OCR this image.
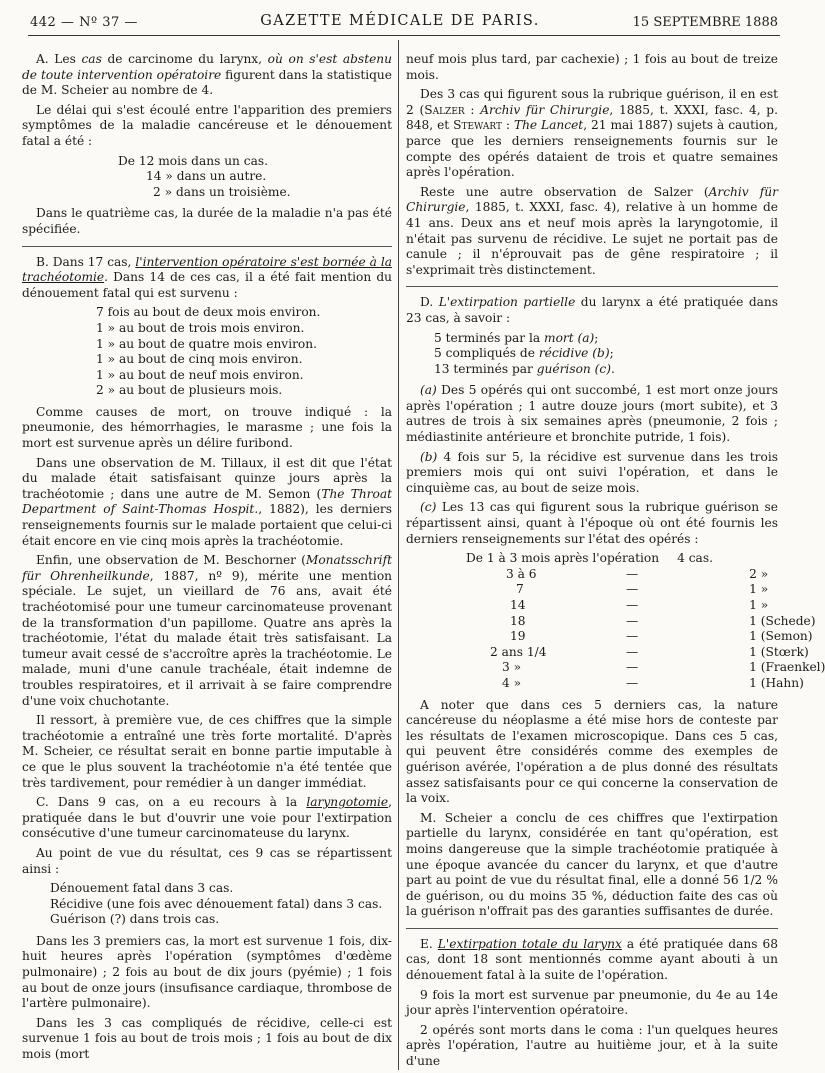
442 — Nº 37 —	GAZETTE MÉDICALE DE PARIS.	15 SEPTEMBRE 1888

A. Les cas de carcinome du larynx, où on s'est abstenu de toute intervention opératoire figurent dans la statistique de M. Scheier au nombre de 4.

Le délai qui s'est écoulé entre l'apparition des premiers symptômes de la maladie cancéreuse et le dénouement fatal a été :

De 12 mois dans un cas.
14 » dans un autre.
2 » dans un troisième.

Dans le quatrième cas, la durée de la maladie n'a pas été spécifiée.

B. Dans 17 cas, l'intervention opératoire s'est bornée à la trachéotomie. Dans 14 de ces cas, il a été fait mention du dénouement fatal qui est survenu :

7 fois au bout de deux mois environ.
1 » au bout de trois mois environ.
1 » au bout de quatre mois environ.
1 » au bout de cinq mois environ.
1 » au bout de neuf mois environ.
2 » au bout de plusieurs mois.

Comme causes de mort, on trouve indiqué : la pneumonie, des hémorrhagies, le marasme ; une fois la mort est survenue après un délire furibond.

Dans une observation de M. Tillaux, il est dit que l'état du malade était satisfaisant quinze jours après la trachéotomie ; dans une autre de M. Semon (The Throat Department of Saint-Thomas Hospit., 1882), les derniers renseignements fournis sur le malade portaient que celui-ci était encore en vie cinq mois après la trachéotomie.

Enfin, une observation de M. Beschorner (Monatsschrift für Ohrenheilkunde, 1887, nº 9), mérite une mention spéciale. Le sujet, un vieillard de 76 ans, avait été trachéotomisé pour une tumeur carcinomateuse provenant de la transformation d'un papillome. Quatre ans après la trachéotomie, l'état du malade était très satisfaisant. La tumeur avait cessé de s'accroître après la trachéotomie. Le malade, muni d'une canule trachéale, était indemne de troubles respiratoires, et il arrivait à se faire comprendre d'une voix chuchotante.

Il ressort, à première vue, de ces chiffres que la simple trachéotomie a entraîné une très forte mortalité. D'après M. Scheier, ce résultat serait en bonne partie imputable à ce que le plus souvent la trachéotomie n'a été tentée que très tardivement, pour remédier à un danger immédiat.

C. Dans 9 cas, on a eu recours à la laryngotomie, pratiquée dans le but d'ouvrir une voie pour l'extirpation consécutive d'une tumeur carcinomateuse du larynx.

Au point de vue du résultat, ces 9 cas se répartissent ainsi :

Dénouement fatal dans 3 cas.
Récidive (une fois avec dénouement fatal) dans 3 cas.
Guérison (?) dans trois cas.

Dans les 3 premiers cas, la mort est survenue 1 fois, dix-huit heures après l'opération (symptômes d'œdème pulmonaire) ; 2 fois au bout de dix jours (pyémie) ; 1 fois au bout de onze jours (insufisance cardiaque, thrombose de l'artère pulmonaire).

Dans les 3 cas compliqués de récidive, celle-ci est survenue 1 fois au bout de trois mois ; 1 fois au bout de dix mois (mort

neuf mois plus tard, par cachexie) ; 1 fois au bout de treize mois.

Des 3 cas qui figurent sous la rubrique guérison, il en est 2 (Salzer : Archiv für Chirurgie, 1885, t. XXXI, fasc. 4, p. 848, et Stewart : The Lancet, 21 mai 1887) sujets à caution, parce que les derniers renseignements fournis sur le compte des opérés dataient de trois et quatre semaines après l'opération.

Reste une autre observation de Salzer (Archiv für Chirurgie, 1885, t. XXXI, fasc. 4), relative à un homme de 41 ans. Deux ans et neuf mois après la laryngotomie, il n'était pas survenu de récidive. Le sujet ne portait pas de canule ; il n'éprouvait pas de gêne respiratoire ; il s'exprimait très distinctement.

D. L'extirpation partielle du larynx a été pratiquée dans 23 cas, à savoir :

5 terminés par la mort (a);
5 compliqués de récidive (b);
13 terminés par guérison (c).

(a) Des 5 opérés qui ont succombé, 1 est mort onze jours après l'opération ; 1 autre douze jours (mort subite), et 3 autres de trois à six semaines après (pneumonie, 2 fois ; médiastinite antérieure et bronchite putride, 1 fois).

(b) 4 fois sur 5, la récidive est survenue dans les trois premiers mois qui ont suivi l'opération, et dans le cinquième cas, au bout de seize mois.

(c) Les 13 cas qui figurent sous la rubrique guérison se répartissent ainsi, quant à l'époque où ont été fournis les derniers renseignements sur l'état des opérés :

De 1 à 3 mois après l'opération		4 cas.
3 à 6	—	2 »
7	—	1 »
14	—	1 »
18	—	1 (Schede)
19	—	1 (Semon)
2 ans 1/4	—	1 (Stœrk)
3 »	—	1 (Fraenkel)
4 »	—	1 (Hahn)

A noter que dans ces 5 derniers cas, la nature cancéreuse du néoplasme a été mise hors de conteste par les résultats de l'examen microscopique. Dans ces 5 cas, qui peuvent être considérés comme des exemples de guérison avérée, l'opération a de plus donné des résultats assez satisfaisants pour ce qui concerne la conservation de la voix.

M. Scheier a conclu de ces chiffres que l'extirpation partielle du larynx, considérée en tant qu'opération, est moins dangereuse que la simple trachéotomie pratiquée à une époque avancée du cancer du larynx, et que d'autre part au point de vue du résultat final, elle a donné 56 1/2 % de guérison, ou du moins 35 %, déduction faite des cas où la guérison n'offrait pas des garanties suffisantes de durée.

E. L'extirpation totale du larynx a été pratiquée dans 68 cas, dont 18 sont mentionnés comme ayant abouti à un dénouement fatal à la suite de l'opération.

9 fois la mort est survenue par pneumonie, du 4e au 14e jour après l'intervention opératoire.

2 opérés sont morts dans le coma : l'un quelques heures après l'opération, l'autre au huitième jour, et à la suite d'une
